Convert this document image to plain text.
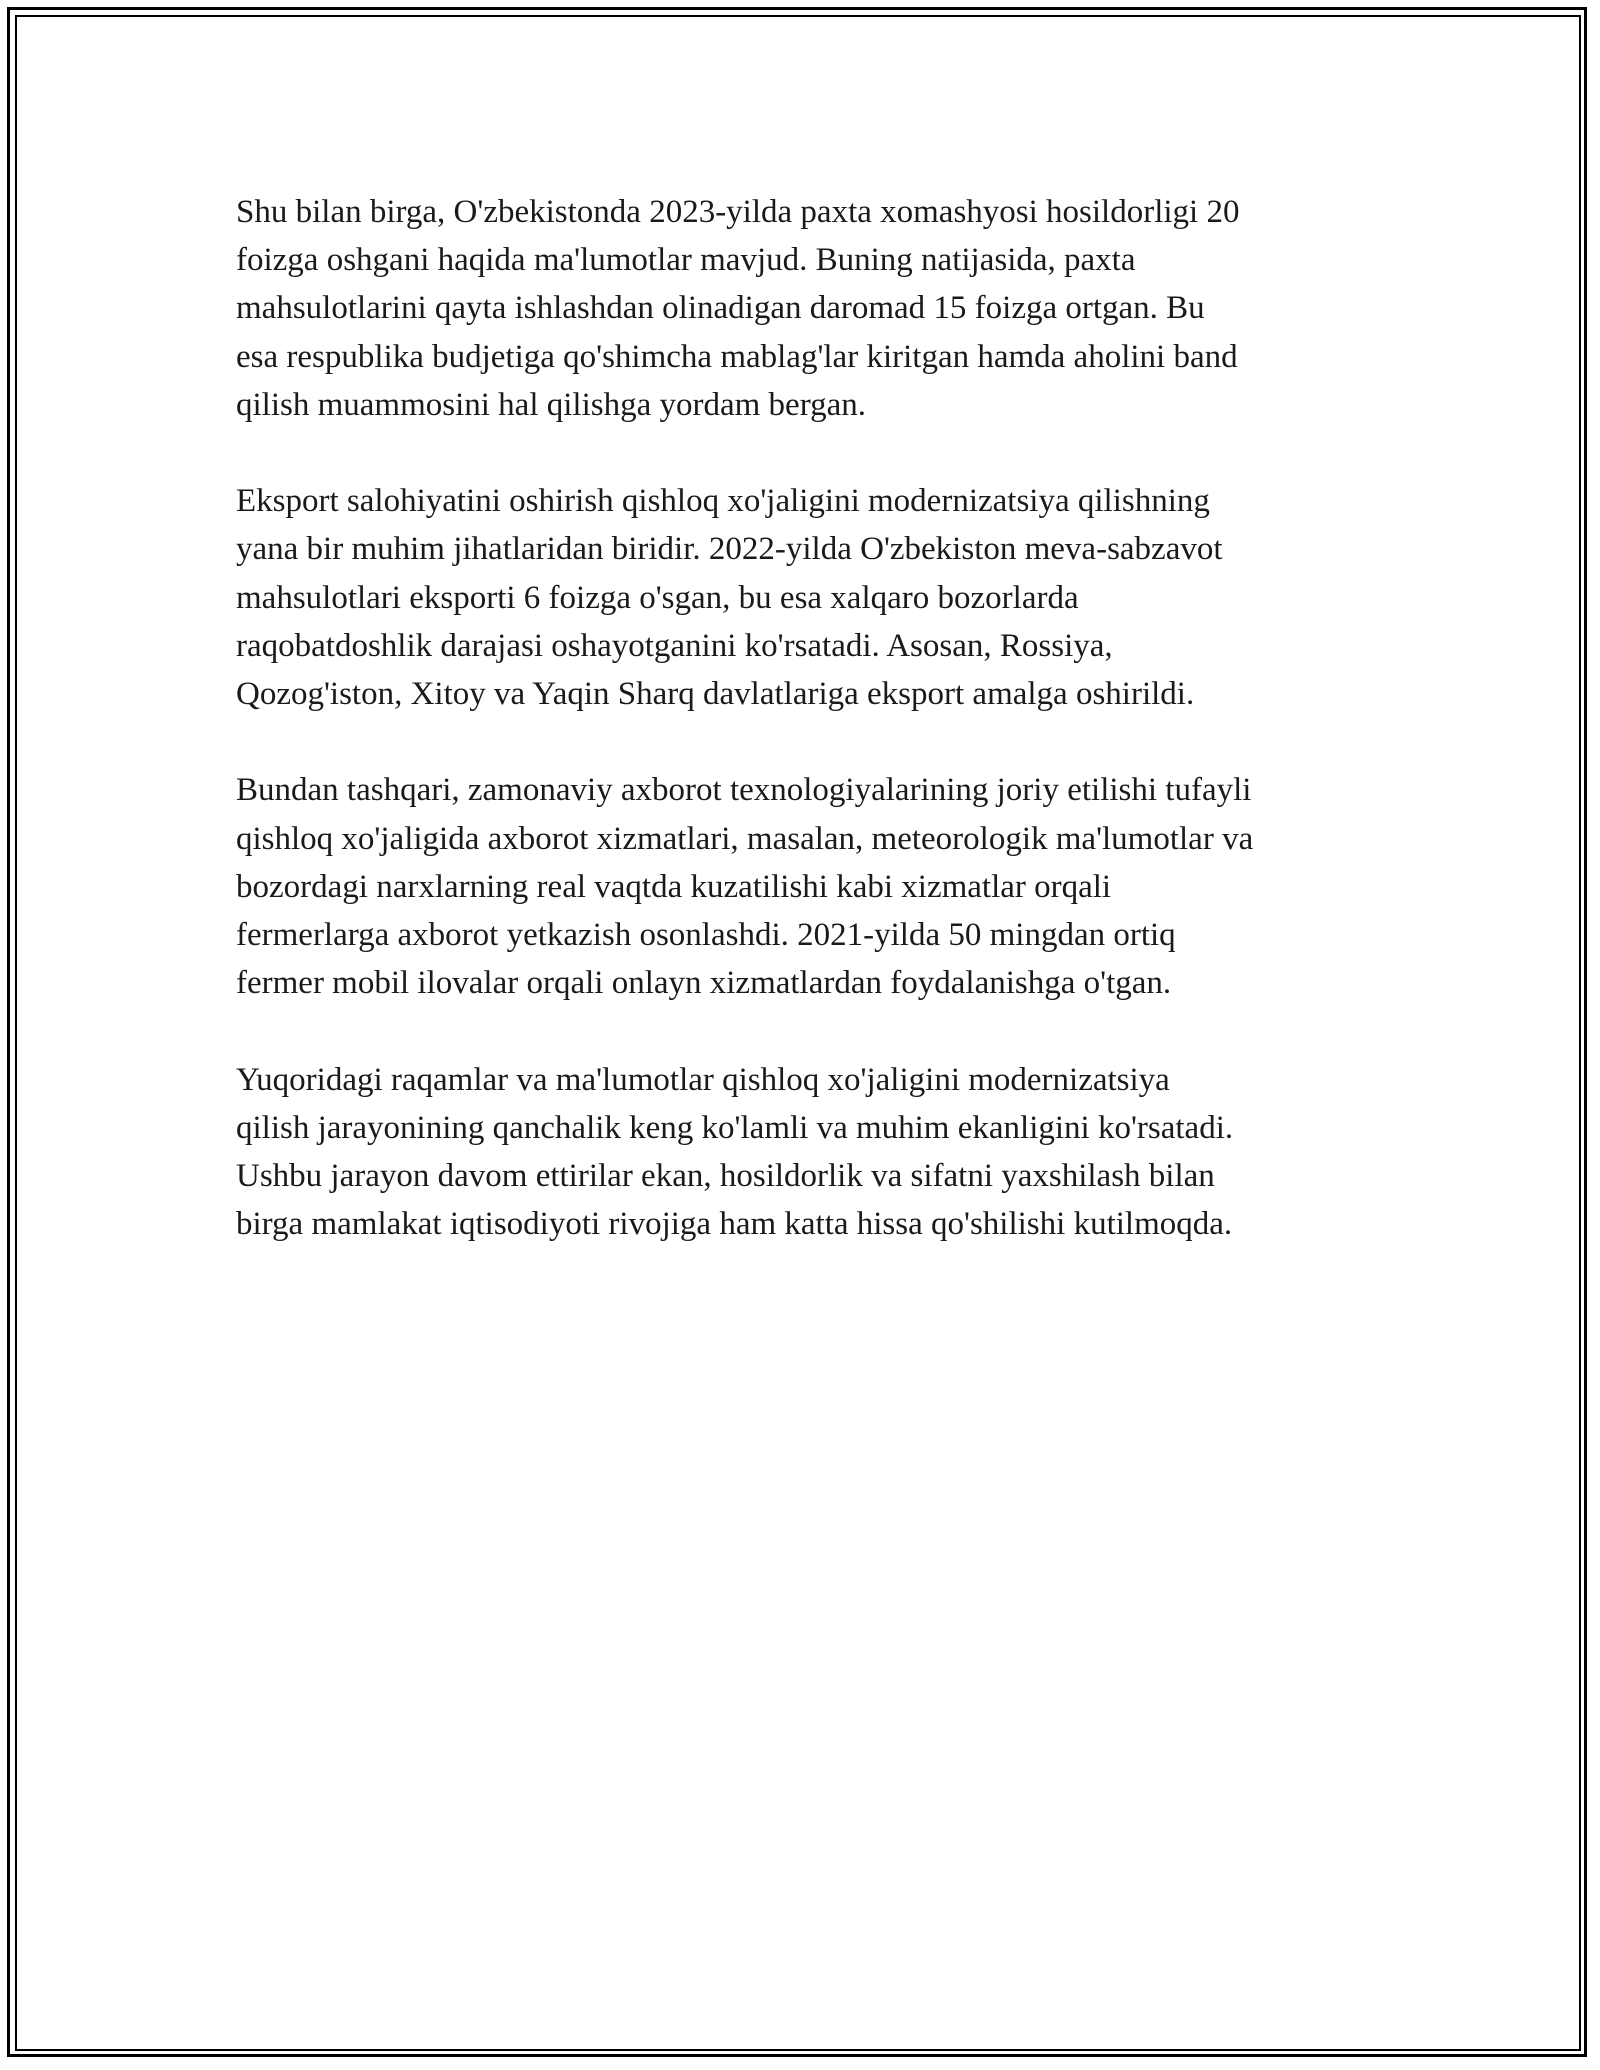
Shu bilan birga, O'zbekistonda 2023-yilda paxta xomashyosi hosildorligi 20
foizga oshgani haqida ma'lumotlar mavjud. Buning natijasida, paxta
mahsulotlarini qayta ishlashdan olinadigan daromad 15 foizga ortgan. Bu
esa respublika budjetiga qo'shimcha mablag'lar kiritgan hamda aholini band
qilish muammosini hal qilishga yordam bergan.

Eksport salohiyatini oshirish qishloq xo'jaligini modernizatsiya qilishning
yana bir muhim jihatlaridan biridir. 2022-yilda O'zbekiston meva-sabzavot
mahsulotlari eksporti 6 foizga o'sgan, bu esa xalqaro bozorlarda
raqobatdoshlik darajasi oshayotganini ko'rsatadi. Asosan, Rossiya,
Qozog'iston, Xitoy va Yaqin Sharq davlatlariga eksport amalga oshirildi.

Bundan tashqari, zamonaviy axborot texnologiyalarining joriy etilishi tufayli
qishloq xo'jaligida axborot xizmatlari, masalan, meteorologik ma'lumotlar va
bozordagi narxlarning real vaqtda kuzatilishi kabi xizmatlar orqali
fermerlarga axborot yetkazish osonlashdi. 2021-yilda 50 mingdan ortiq
fermer mobil ilovalar orqali onlayn xizmatlardan foydalanishga o'tgan.

Yuqoridagi raqamlar va ma'lumotlar qishloq xo'jaligini modernizatsiya
qilish jarayonining qanchalik keng ko'lamli va muhim ekanligini ko'rsatadi.
Ushbu jarayon davom ettirilar ekan, hosildorlik va sifatni yaxshilash bilan
birga mamlakat iqtisodiyoti rivojiga ham katta hissa qo'shilishi kutilmoqda.
